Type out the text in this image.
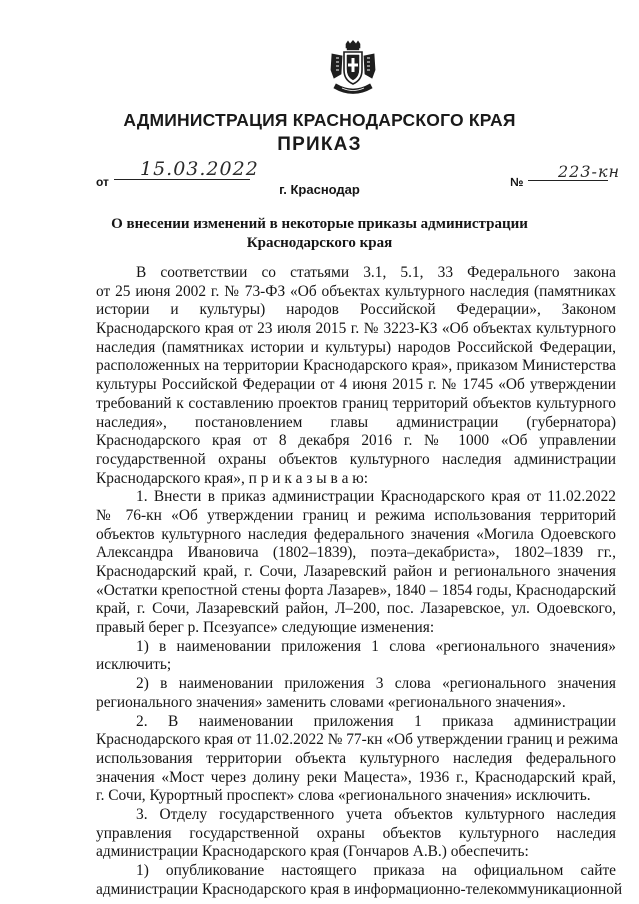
АДМИНИСТРАЦИЯ КРАСНОДАРСКОГО КРАЯ
ПРИКАЗ
от
15.03.2022
г. Краснодар	№
223-кн
О внесении изменений в некоторые приказы администрации
Краснодарского края
В соответствии со статьями 3.1, 5.1, 33 Федерального закона
от 25 июня 2002 г. № 73-ФЗ «Об объектах культурного наследия (памятниках
истории и культуры) народов Российской Федерации», Законом
Краснодарского края от 23 июля 2015 г. № 3223-КЗ «Об объектах культурного
наследия (памятниках истории и культуры) народов Российской Федерации,
расположенных на территории Краснодарского края», приказом Министерства
культуры Российской Федерации от 4 июня 2015 г. № 1745 «Об утверждении
требований к составлению проектов границ территорий объектов культурного
наследия», постановлением главы администрации (губернатора)
Краснодарского края от 8 декабря 2016 г. № 1000 «Об управлении
государственной охраны объектов культурного наследия администрации
Краснодарского края», п р и к а з ы в а ю:
1. Внести в приказ администрации Краснодарского края от 11.02.2022
№ 76-кн «Об утверждении границ и режима использования территорий
объектов культурного наследия федерального значения «Могила Одоевского
Александра Ивановича (1802–1839), поэта–декабриста», 1802–1839 гг.,
Краснодарский край, г. Сочи, Лазаревский район и регионального значения
«Остатки крепостной стены форта Лазарев», 1840 – 1854 годы, Краснодарский
край, г. Сочи, Лазаревский район, Л–200, пос. Лазаревское, ул. Одоевского,
правый берег р. Псезуапсе» следующие изменения:
1) в наименовании приложения 1 слова «регионального значения»
исключить;
2) в наименовании приложения 3 слова «регионального значения
регионального значения» заменить словами «регионального значения».
2. В наименовании приложения 1 приказа администрации
Краснодарского края от 11.02.2022 № 77-кн «Об утверждении границ и режима
использования территории объекта культурного наследия федерального
значения «Мост через долину реки Мацеста», 1936 г., Краснодарский край,
г. Сочи, Курортный проспект» слова «регионального значения» исключить.
3. Отделу государственного учета объектов культурного наследия
управления государственной охраны объектов культурного наследия
администрации Краснодарского края (Гончаров А.В.) обеспечить:
1) опубликование настоящего приказа на официальном сайте
администрации Краснодарского края в информационно-телекоммуникационной
